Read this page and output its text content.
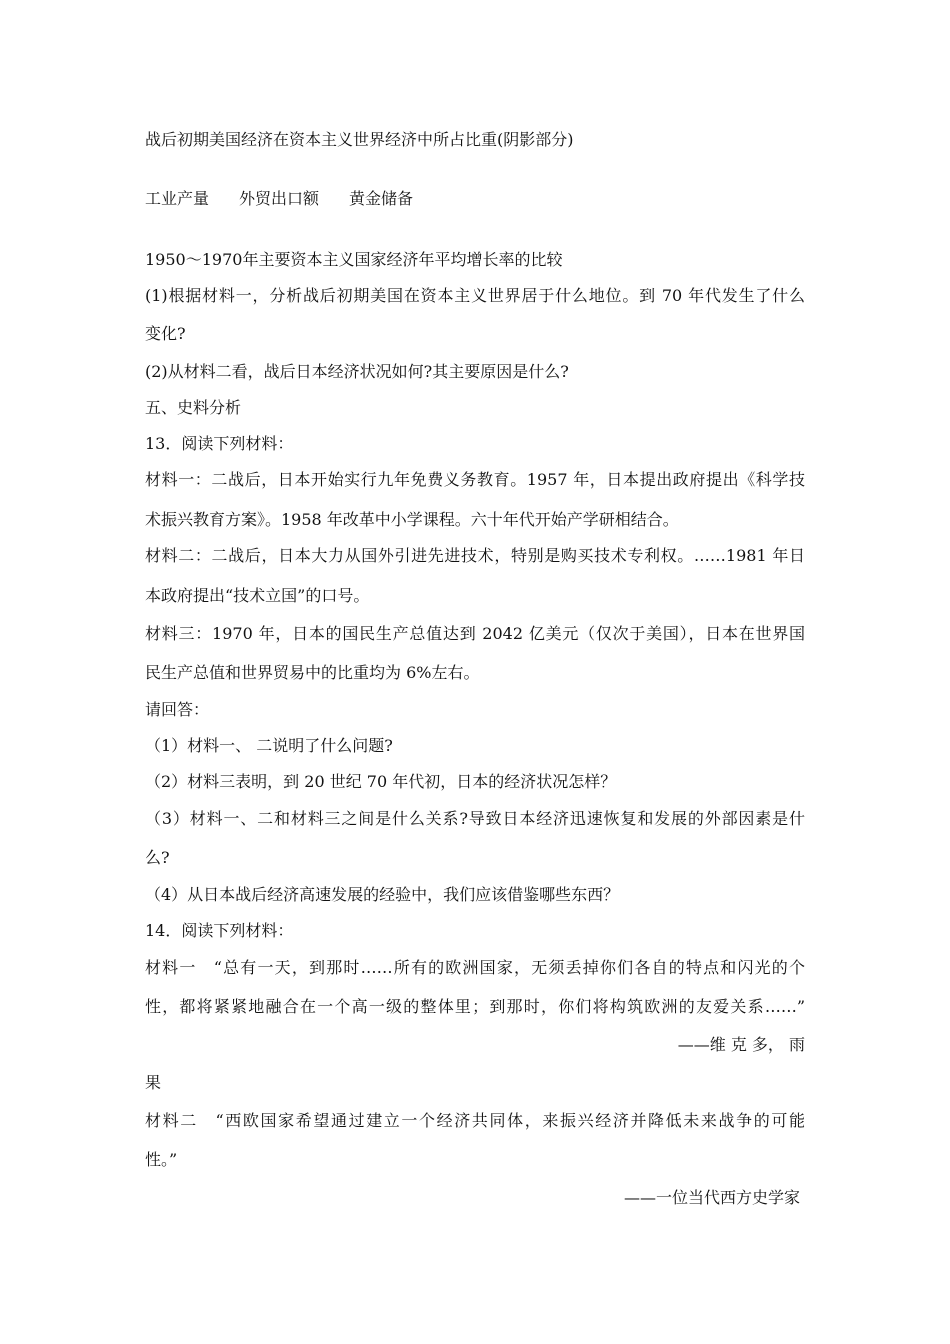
战后初期美国经济在资本主义世界经济中所占比重(阴影部分)
工业产量 外贸出口额 黄金储备
1950～1970年主要资本主义国家经济年平均增长率的比较
(1)根据材料一，分析战后初期美国在资本主义世界居于什么地位。到 70 年代发生了什么
变化?
(2)从材料二看，战后日本经济状况如何?其主要原因是什么?
五、史料分析
13．阅读下列材料：
材料一：二战后，日本开始实行九年免费义务教育。1957 年，日本提出政府提出《科学技
术振兴教育方案》。1958 年改革中小学课程。六十年代开始产学研相结合。
材料二：二战后，日本大力从国外引进先进技术，特别是购买技术专利权。……1981 年日
本政府提出“技术立国”的口号。
材料三：1970 年，日本的国民生产总值达到 2042 亿美元（仅次于美国），日本在世界国
民生产总值和世界贸易中的比重均为 6%左右。
请回答：
（1）材料一、 二说明了什么问题?
（2）材料三表明，到 20 世纪 70 年代初，日本的经济状况怎样？
（3）材料一、二和材料三之间是什么关系?导致日本经济迅速恢复和发展的外部因素是什
么?
（4）从日本战后经济高速发展的经验中，我们应该借鉴哪些东西？
14．阅读下列材料：
材料一　“总有一天，到那时……所有的欧洲国家，无须丢掉你们各自的特点和闪光的个
性，都将紧紧地融合在一个高一级的整体里；到那时，你们将构筑欧洲的友爱关系……”
——维 克 多， 雨
果
材料二　“西欧国家希望通过建立一个经济共同体，来振兴经济并降低未来战争的可能
性。”
——一位当代西方史学家
